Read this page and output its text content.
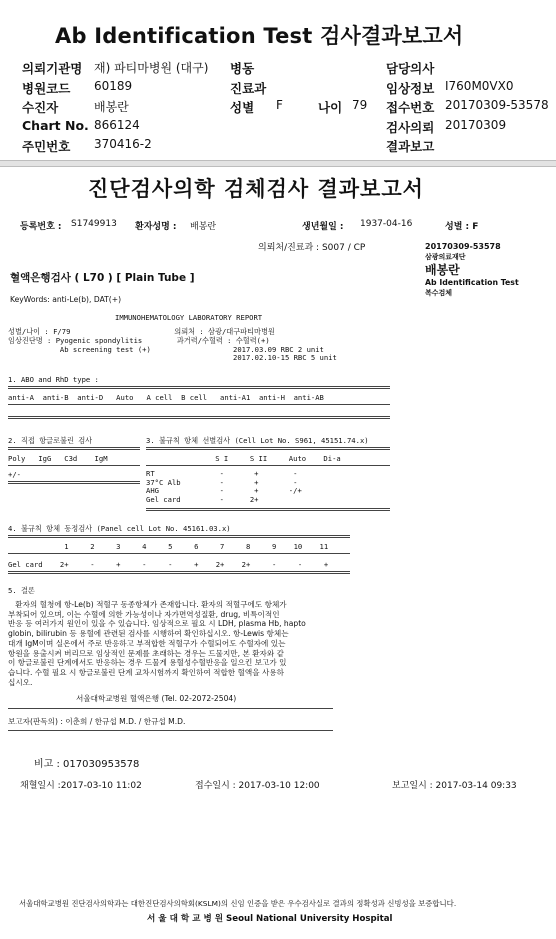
Ab Identification Test 검사결과보고서
의뢰기관명 재) 파티마병원 (대구) 병동	담당의사
병원코드 60189	진료과	임상정보 I760M0VX0
수진자	배봉란	성별 F	나이 79 접수번호 20170309-53578
Chart No. 866124	검사의뢰 20170309
주민번호 370416-2	결과보고
진단검사의학 검체검사 결과보고서
등록번호 : S1749913 환자성명 : 배봉란	생년월일 : 1937-04-16	성별 : F
의뢰처/진료과 : S007 / CP	20170309-53578
삼광의료재단
배봉란
Ab Identification Test
복수검체
혈액은행검사 ( L70 ) [ Plain Tube ]
KeyWords: anti-Le(b), DAT(+)
IMMUNOHEMATOLOGY LABORATORY REPORT
성별/나이 : F/79                        의뢰처 : 삼광/대구파티마병원
임상진단명 : Pyogenic spondylitis        과거력/수혈력 : 수혈력(+)
Ab screening test (+)                   2017.03.09 RBC 2 unit
2017.02.10-15 RBC 5 unit
1. ABO and RhD type :
anti-A  anti-B  anti-D   Auto   A cell  B cell   anti-A1  anti-H  anti-AB
2. 직접 항글로불린 검사
Poly   IgG   C3d    IgM
+/-
3. 불규칙 항체 선별검사 (Cell Lot No. S961, 45151.74.x)
S I     S II     Auto    Di-a
RT               -       +        -
37°C Alb         -       +        -
AHG              -       +       -/+
Gel card         -      2+
4. 불규칙 항체 동정검사 (Panel cell Lot No. 45161.03.x)
1     2     3     4     5     6     7     8     9    10    11
Gel card    2+     -     +     -     -     +    2+    2+     -     -     +
5. 결론
환자의 혈청에 항-Le(b) 적혈구 동종항체가 존재합니다. 환자의 적혈구에도 항체가
부착되어 있으며, 이는 수혈에 의한 가능성이나 자가면역성질환, drug, 비특이적인
반응 등 여러가지 원인이 있을 수 있습니다. 임상적으로 필요 시 LDH, plasma Hb, hapto
globin, bilirubin 등 용혈에 관련된 검사를 시행하여 확인하십시오. 항-Lewis 항체는
대개 IgM이며 실온에서 주로 반응하고 부적합한 적혈구가 수혈되어도 수혈자에 있는
항원을 용출시켜 버리므로 임상적인 문제를 초래하는 경우는 드물지만, 본 환자와 같
이 항글로불린 단계에서도 반응하는 경우 드물게 용혈성수혈반응을 일으킨 보고가 있
습니다. 수혈 필요 시 항글로불린 단계 교차시험까지 확인하여 적합한 혈액을 사용하
십시오.
서울대학교병원 혈액은행 (Tel. 02-2072-2504)
보고자(판독의) : 이춘희 / 한규섭 M.D. / 한규섭 M.D.
비고 : 017030953578
채혈일시 :2017-03-10 11:02	접수일시 : 2017-03-10 12:00	보고일시 : 2017-03-14 09:33
서울대학교병원 진단검사의학과는 대한진단검사의학회(KSLM)의 신임 인증을 받은 우수검사실로 결과의 정확성과 신빙성을 보증합니다.
서 울 대 학 교 병 원 Seoul National University Hospital
